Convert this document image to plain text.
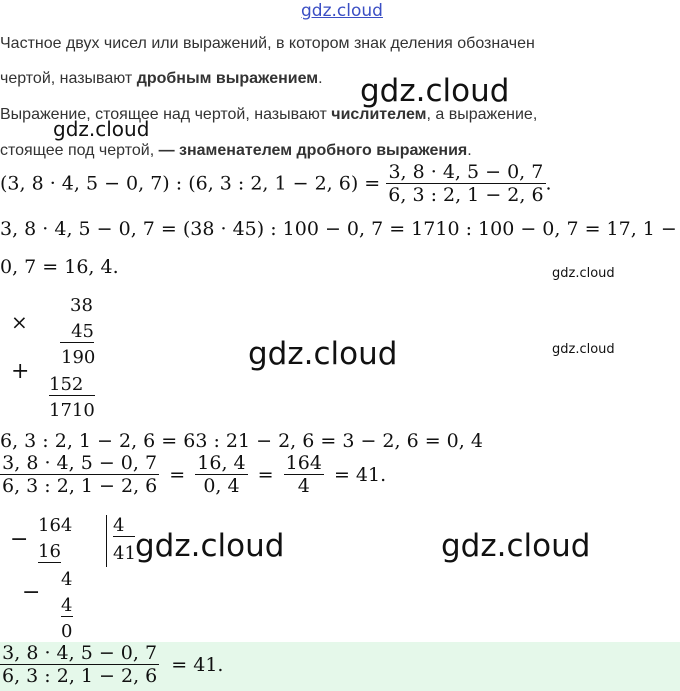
gdz.cloud
Частное двух чисел или выражений, в котором знак деления обозначен
чертой, называют дробным выражением.
Выражение, стоящее над чертой, называют числителем, а выражение,
стоящее под чертой, — знаменателем дробного выражения.
(3, 8 · 4, 5 − 0, 7) : (6, 3 : 2, 1 − 2, $6) = \frac{3, 8 \cdot 4, 5 - 0, 7}{6, 3 : 2, 1 - 2, 6}$ .
3, 8 · 4, 5 − 0, 7 = (38 · 45) : 100 − 0, 7 = 1710 : 100 − 0, 7 = 17, 1 −
0, 7 = 16, 4.
×
38
45
190
+
152
1710
6, 3 : 2, 1 − 2, 6 = 63 : 21 − 2, 6 = 3 − 2, 6 = 0, 4
$\frac{3, 8 \cdot 4, 5 - 0, 7}{6, 3 : 2, 1 - 2, 6} = \frac{16, 4}{0, 4} = \frac{164}{4} = 41$.
−
164
16
4
41
4
−
4
0
$\frac{3, 8 \cdot 4, 5 - 0, 7}{6, 3 : 2, 1 - 2, 6} = 41$.
gdz.cloud
gdz.cloud
gdz.cloud
gdz.cloud	gdz.cloud
gdz.cloud	gdz.cloud
